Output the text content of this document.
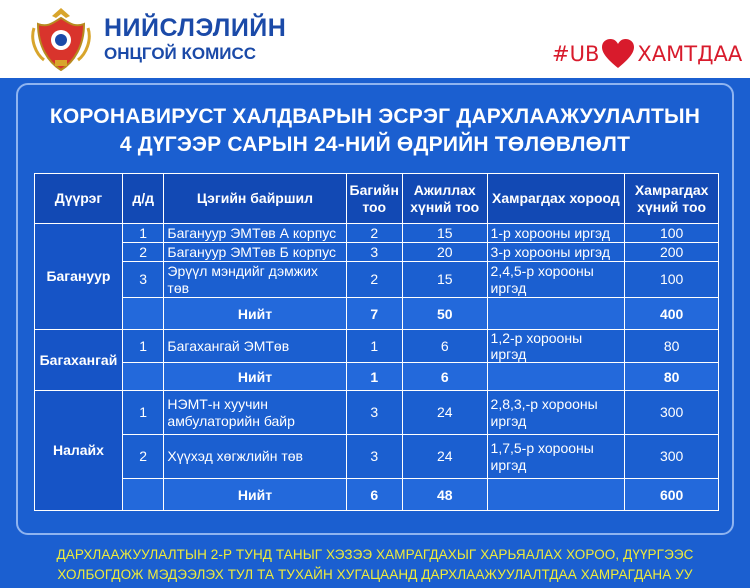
НИЙСЛЭЛИЙН
ОНЦГОЙ КОМИСС	#UB ХАМТДАА
КОРОНАВИРУСТ ХАЛДВАРЫН ЭСРЭГ ДАРХЛААЖУУЛАЛТЫН
4 ДҮГЭЭР САРЫН 24-НИЙ ӨДРИЙН ТӨЛӨВЛӨЛТ
Дүүрэг	д/д	Цэгийн байршил	Багийн тоо	Ажиллах хүний тоо	Хамрагдах хороод	Хамрагдах хүний тоо
Баганууp	1	Багануур ЭМТөв А корпус	2	15	1-р хорооны иргэд	100
	2	Багануур ЭМТөв Б корпус	3	20	3-р хорооны иргэд	200
	3	Эрүүл мэндийг дэмжих төв	2	15	2,4,5-р хорооны иргэд	100
		Нийт	7	50		400
Багахангай	1	Багахангай ЭМТөв	1	6	1,2-р хорооны иргэд	80
		Нийт	1	6		80
Налайх	1	НЭМТ-н хуучин амбулаторийн байр	3	24	2,8,3,-р хорооны иргэд	300
	2	Хүүхэд хөгжлийн төв	3	24	1,7,5-р хорооны иргэд	300
		Нийт	6	48		600
ДАРХЛААЖУУЛАЛТЫН 2-Р ТУНД ТАНЫГ ХЭЗЭЭ ХАМРАГДАХЫГ ХАРЬЯАЛАХ ХОРОО, ДҮҮРГЭЭС
ХОЛБОГДОЖ МЭДЭЭЛЭХ ТУЛ ТА ТУХАЙН ХУГАЦААНД ДАРХЛААЖУУЛАЛТДАА ХАМРАГДАНА УУ
